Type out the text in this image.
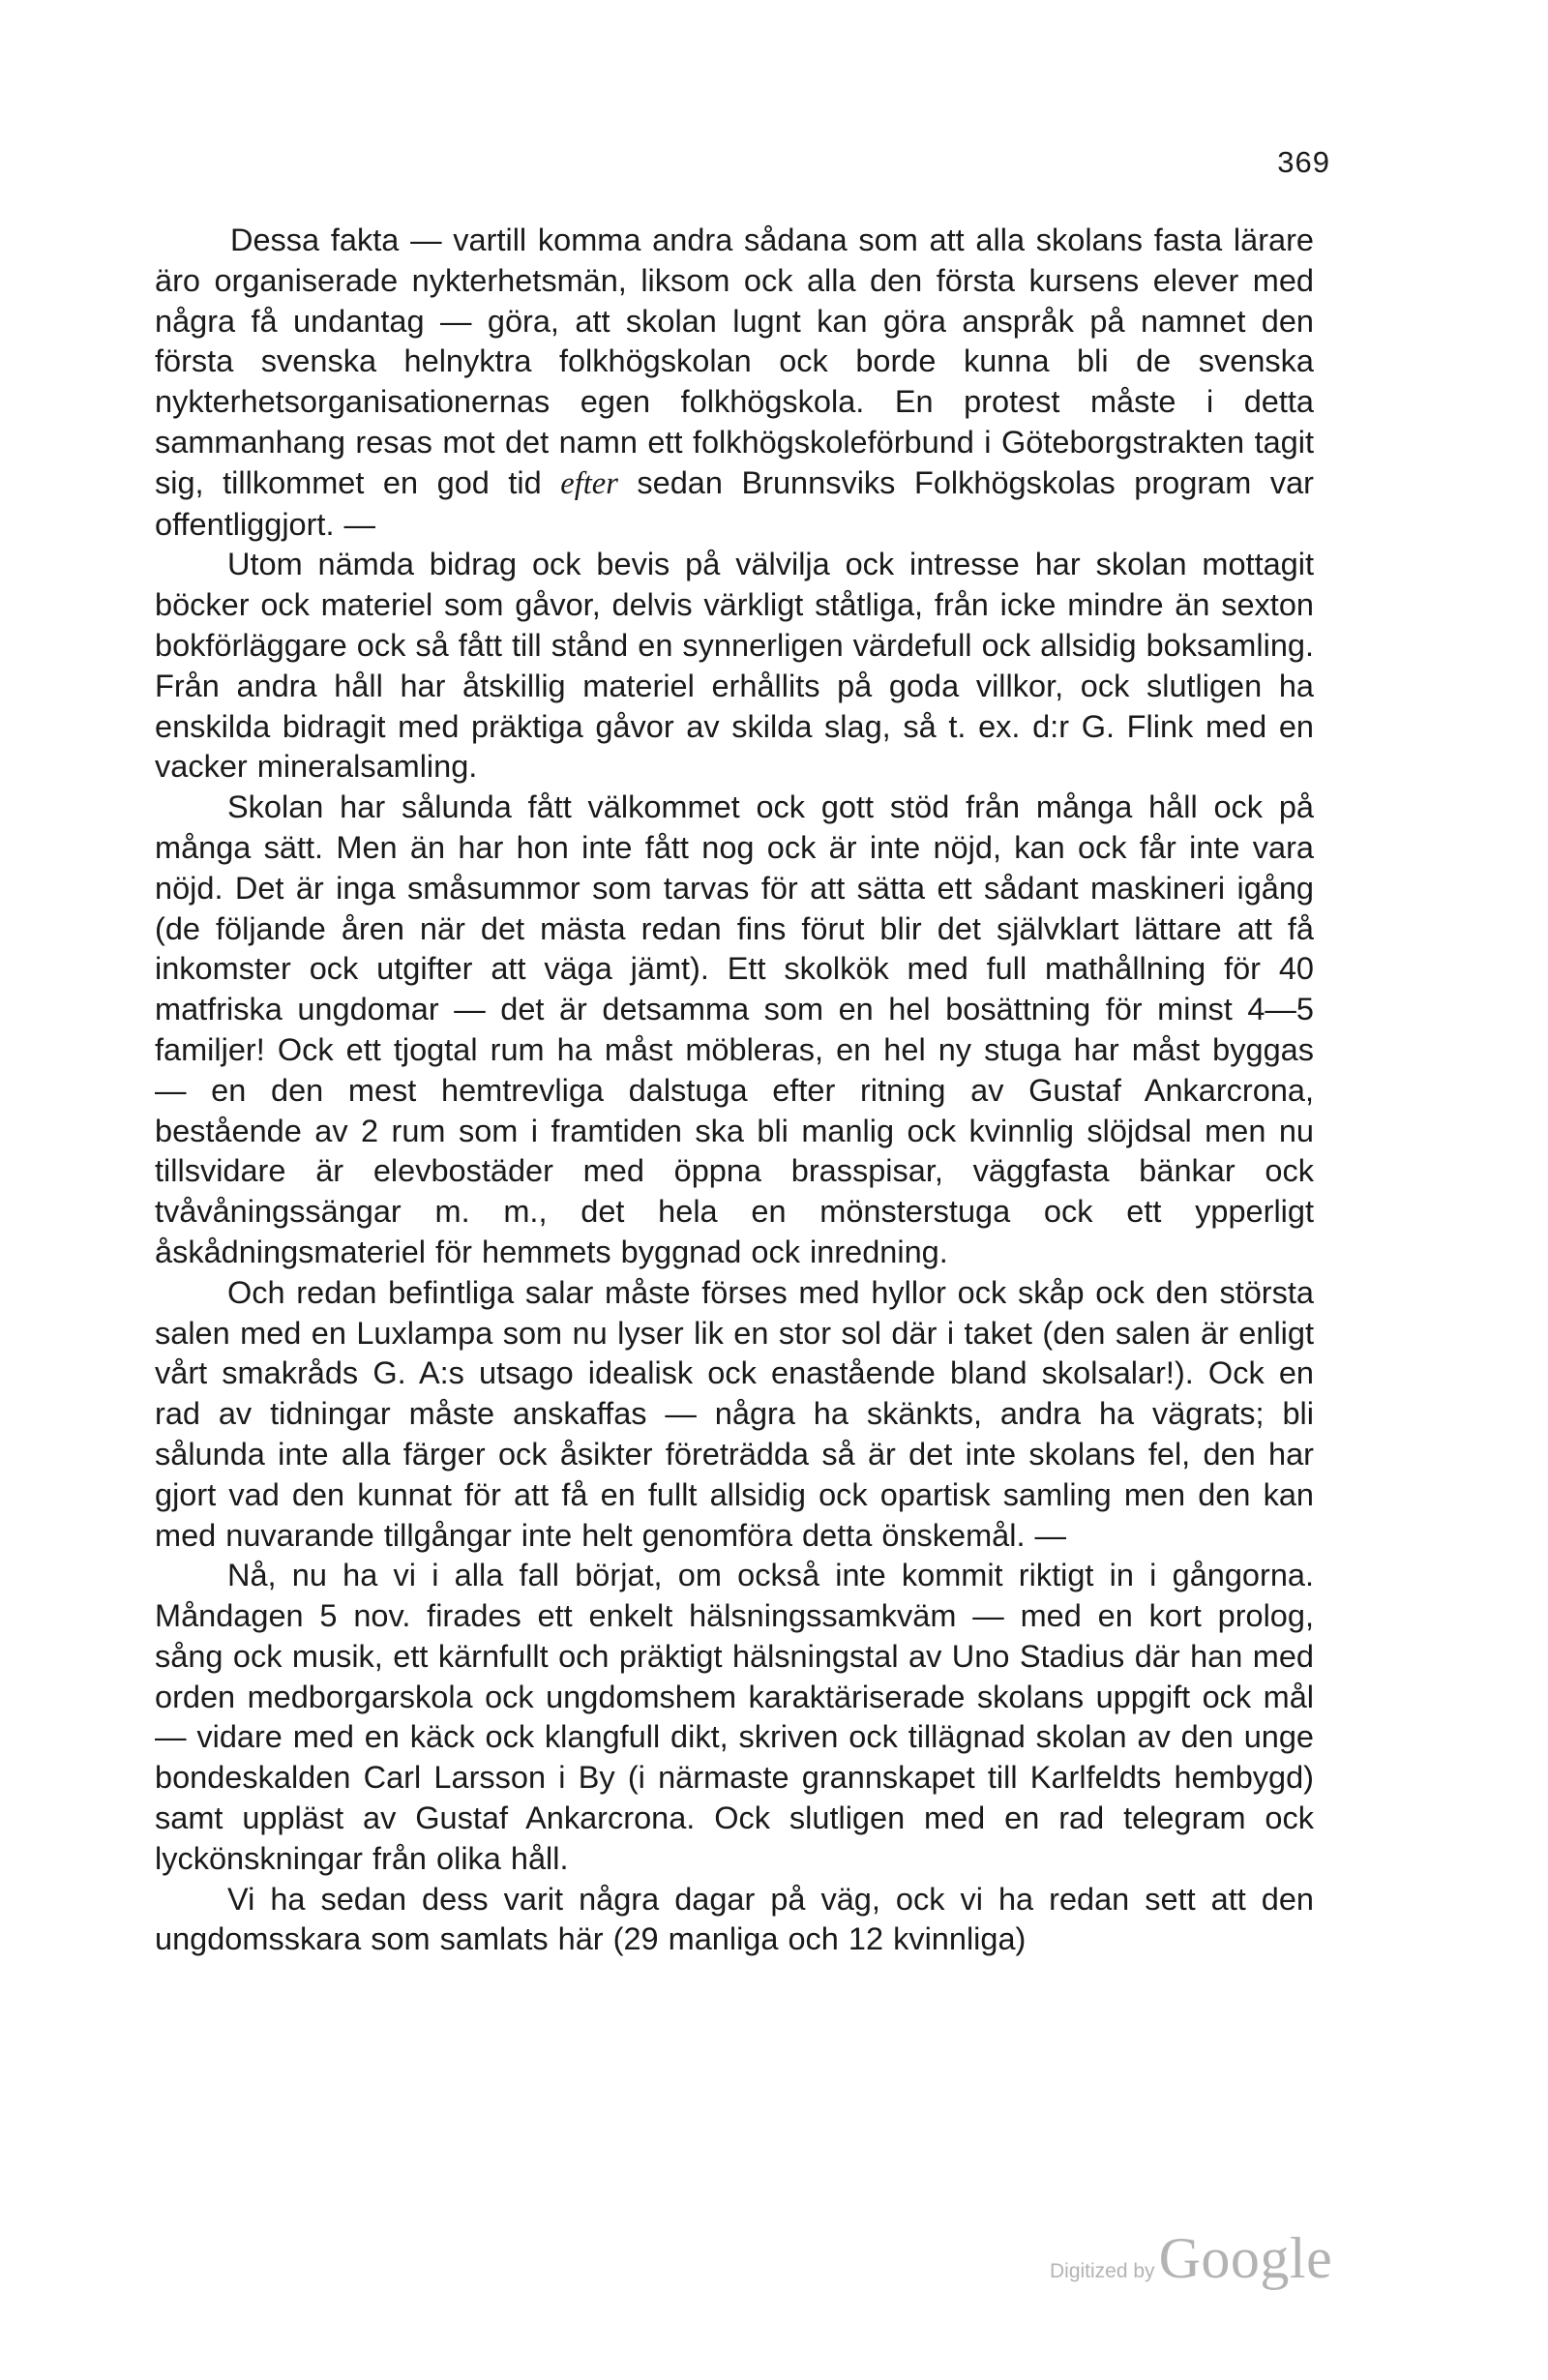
369

Dessa fakta — vartill komma andra sådana som att alla skolans fasta lärare äro organiserade nykterhetsmän, liksom ock alla den första kursens elever med några få undantag — göra, att skolan lugnt kan göra anspråk på namnet den första svenska helnyktra folkhögskolan ock borde kunna bli de svenska nykterhetsorganisationernas egen folkhögskola. En protest måste i detta sammanhang resas mot det namn ett folkhögskoleförbund i Göteborgstrakten tagit sig, tillkommet en god tid efter sedan Brunnsviks Folkhögskolas program var offentliggjort. —

Utom nämda bidrag ock bevis på välvilja ock intresse har skolan mottagit böcker ock materiel som gåvor, delvis värkligt ståtliga, från icke mindre än sexton bokförläggare ock så fått till stånd en synnerligen värdefull ock allsidig boksamling. Från andra håll har åtskillig materiel erhållits på goda villkor, ock slutligen ha enskilda bidragit med präktiga gåvor av skilda slag, så t. ex. d:r G. Flink med en vacker mineralsamling.

Skolan har sålunda fått välkommet ock gott stöd från många håll ock på många sätt. Men än har hon inte fått nog ock är inte nöjd, kan ock får inte vara nöjd. Det är inga småsummor som tarvas för att sätta ett sådant maskineri igång (de följande åren när det mästa redan fins förut blir det självklart lättare att få inkomster ock utgifter att väga jämt). Ett skolkök med full mathållning för 40 matfriska ungdomar — det är detsamma som en hel bosättning för minst 4—5 familjer! Ock ett tjogtal rum ha måst möbleras, en hel ny stuga har måst byggas — en den mest hemtrevliga dalstuga efter ritning av Gustaf Ankarcrona, bestående av 2 rum som i framtiden ska bli manlig ock kvinnlig slöjdsal men nu tillsvidare är elevbostäder med öppna brasspisar, väggfasta bänkar ock tvåvåningssängar m. m., det hela en mönsterstuga ock ett ypperligt åskådningsmateriel för hemmets byggnad ock inredning.

Och redan befintliga salar måste förses med hyllor ock skåp ock den största salen med en Luxlampa som nu lyser lik en stor sol där i taket (den salen är enligt vårt smakråds G. A:s utsago idealisk ock enastående bland skolsalar!). Ock en rad av tidningar måste anskaffas — några ha skänkts, andra ha vägrats; bli sålunda inte alla färger ock åsikter företrädda så är det inte skolans fel, den har gjort vad den kunnat för att få en fullt allsidig ock opartisk samling men den kan med nuvarande tillgångar inte helt genomföra detta önskemål. —

Nå, nu ha vi i alla fall börjat, om också inte kommit riktigt in i gångorna. Måndagen 5 nov. firades ett enkelt hälsningssamkväm — med en kort prolog, sång ock musik, ett kärnfullt och präktigt hälsningstal av Uno Stadius där han med orden medborgarskola ock ungdomshem karaktäriserade skolans uppgift ock mål — vidare med en käck ock klangfull dikt, skriven ock tillägnad skolan av den unge bondeskalden Carl Larsson i By (i närmaste grannskapet till Karlfeldts hembygd) samt uppläst av Gustaf Ankarcrona. Ock slutligen med en rad telegram ock lyckönskningar från olika håll.

Vi ha sedan dess varit några dagar på väg, ock vi ha redan sett att den ungdomsskara som samlats här (29 manliga och 12 kvinnliga)

Digitized byGoogle
